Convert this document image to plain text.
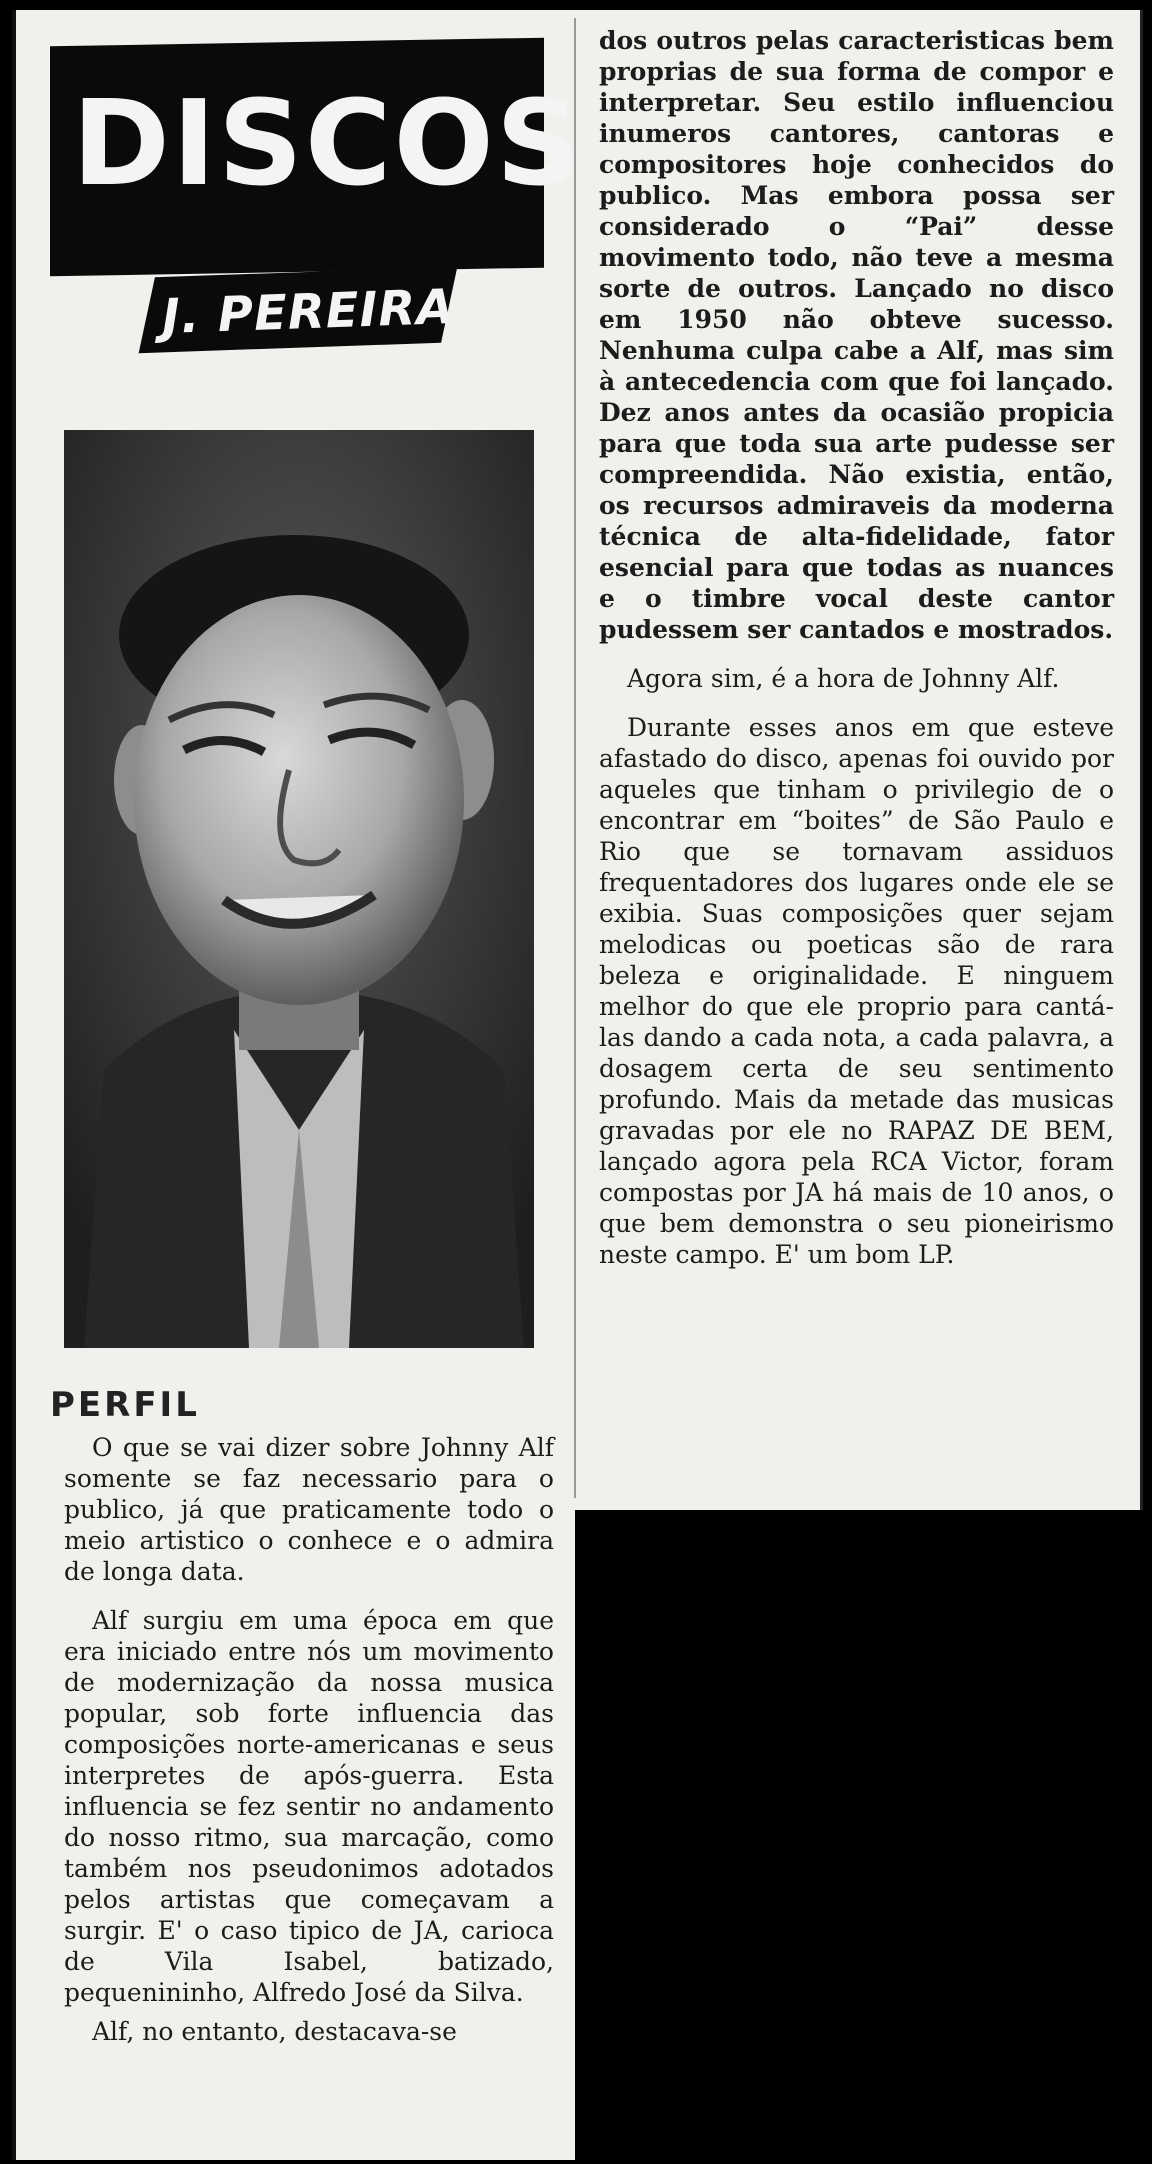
DISCOS
J. PEREIRA
PERFIL

O que se vai dizer sobre Johnny Alf somente se faz necessario para o publico, já que praticamente todo o meio artistico o conhece e o admira de longa data.

Alf surgiu em uma época em que era iniciado entre nós um movimento de modernização da nossa musica popular, sob forte influencia das composições norte-americanas e seus interpretes de após-guerra. Esta influencia se fez sentir no andamento do nosso ritmo, sua marcação, como também nos pseudonimos adotados pelos artistas que começavam a surgir. E' o caso tipico de JA, carioca de Vila Isabel, batizado, pequenininho, Alfredo José da Silva.

Alf, no entanto, destacava-se

dos outros pelas caracteristicas bem proprias de sua forma de compor e interpretar. Seu estilo influenciou inumeros cantores, cantoras e compositores hoje conhecidos do publico. Mas embora possa ser considerado o “Pai” desse movimento todo, não teve a mesma sorte de outros. Lançado no disco em 1950 não obteve sucesso. Nenhuma culpa cabe a Alf, mas sim à antecedencia com que foi lançado. Dez anos antes da ocasião propicia para que toda sua arte pudesse ser compreendida. Não existia, então, os recursos admiraveis da moderna técnica de alta-fidelidade, fator esencial para que todas as nuances e o timbre vocal deste cantor pudessem ser cantados e mostrados.

Agora sim, é a hora de Johnny Alf.

Durante esses anos em que esteve afastado do disco, apenas foi ouvido por aqueles que tinham o privilegio de o encontrar em “boites” de São Paulo e Rio que se tornavam assiduos frequentadores dos lugares onde ele se exibia. Suas composições quer sejam melodicas ou poeticas são de rara beleza e originalidade. E ninguem melhor do que ele proprio para cantá-las dando a cada nota, a cada palavra, a dosagem certa de seu sentimento profundo. Mais da metade das musicas gravadas por ele no RAPAZ DE BEM, lançado agora pela RCA Victor, foram compostas por JA há mais de 10 anos, o que bem demonstra o seu pioneirismo neste campo. E' um bom LP.
